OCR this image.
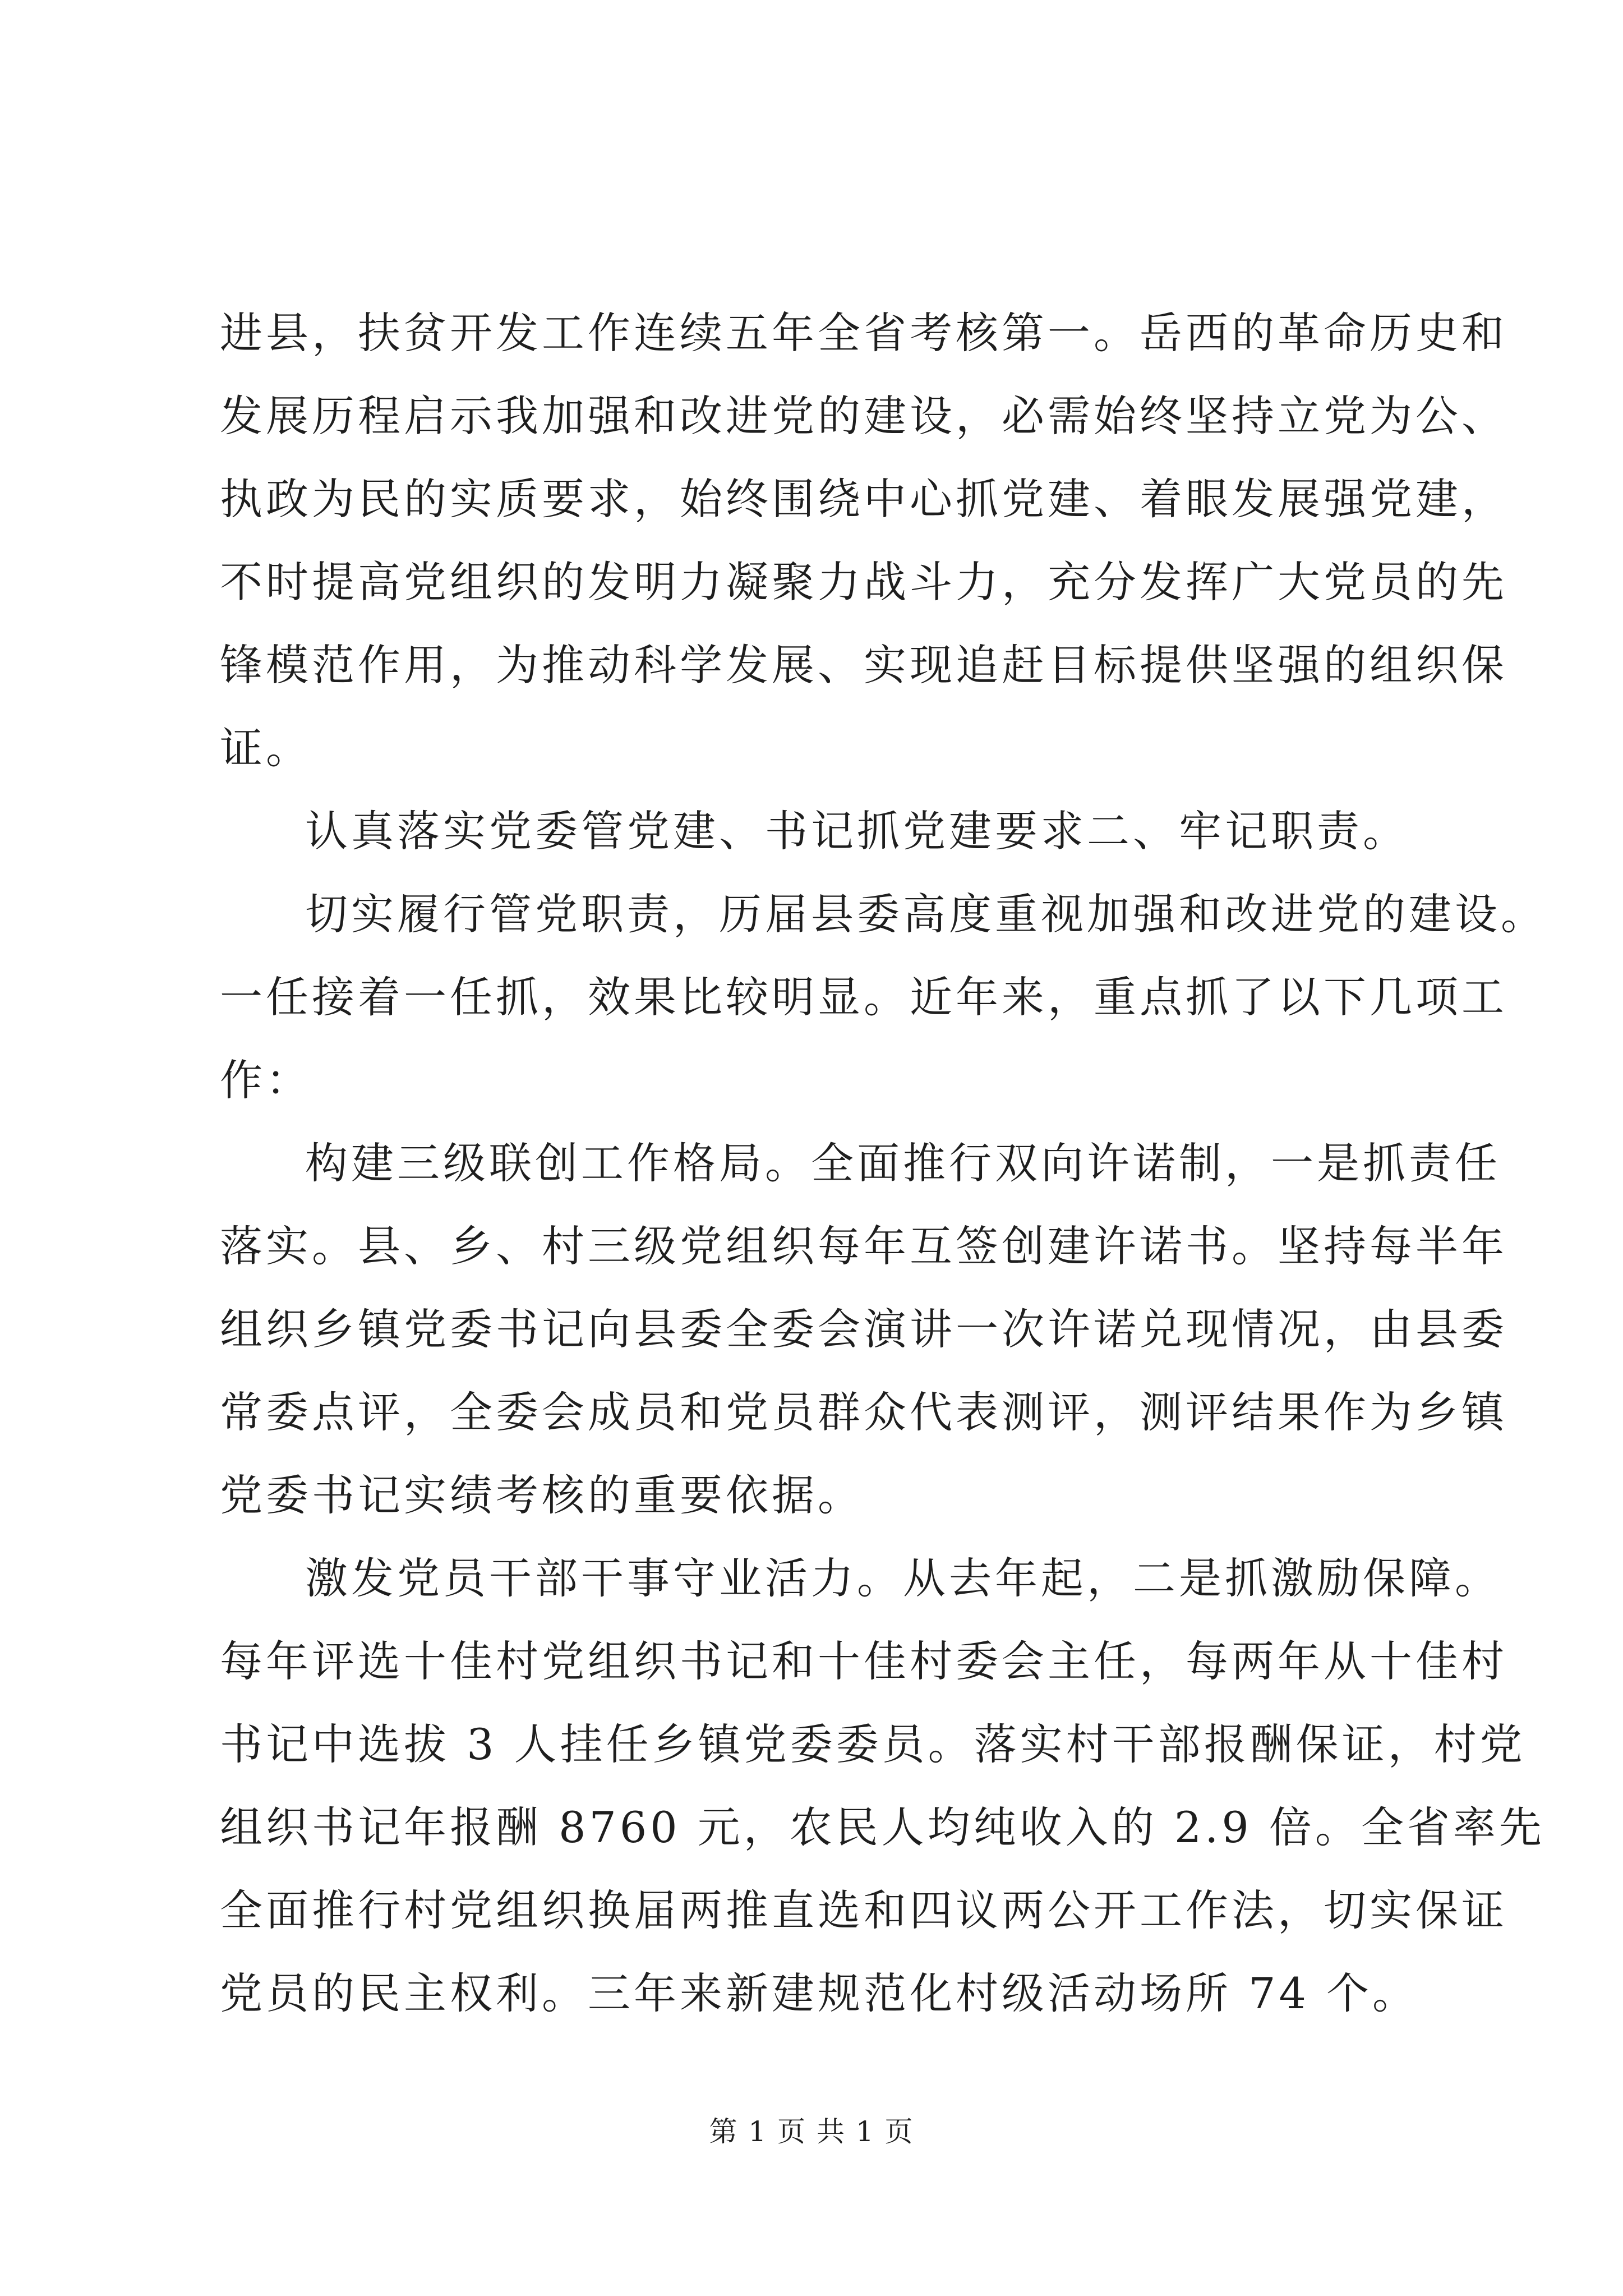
进县，扶贫开发工作连续五年全省考核第一。岳西的革命历史和
发展历程启示我加强和改进党的建设，必需始终坚持立党为公、
执政为民的实质要求，始终围绕中心抓党建、着眼发展强党建，
不时提高党组织的发明力凝聚力战斗力，充分发挥广大党员的先
锋模范作用，为推动科学发展、实现追赶目标提供坚强的组织保
证。
认真落实党委管党建、书记抓党建要求二、牢记职责。
切实履行管党职责，历届县委高度重视加强和改进党的建设。
一任接着一任抓，效果比较明显。近年来，重点抓了以下几项工
作：
构建三级联创工作格局。全面推行双向许诺制，一是抓责任
落实。县、乡、村三级党组织每年互签创建许诺书。坚持每半年
组织乡镇党委书记向县委全委会演讲一次许诺兑现情况，由县委
常委点评，全委会成员和党员群众代表测评，测评结果作为乡镇
党委书记实绩考核的重要依据。
激发党员干部干事守业活力。从去年起，二是抓激励保障。
每年评选十佳村党组织书记和十佳村委会主任，每两年从十佳村
书记中选拔 3 人挂任乡镇党委委员。落实村干部报酬保证，村党
组织书记年报酬 8760 元，农民人均纯收入的 2.9 倍。全省率先
全面推行村党组织换届两推直选和四议两公开工作法，切实保证
党员的民主权利。三年来新建规范化村级活动场所 74 个。
第 1 页 共 1 页
